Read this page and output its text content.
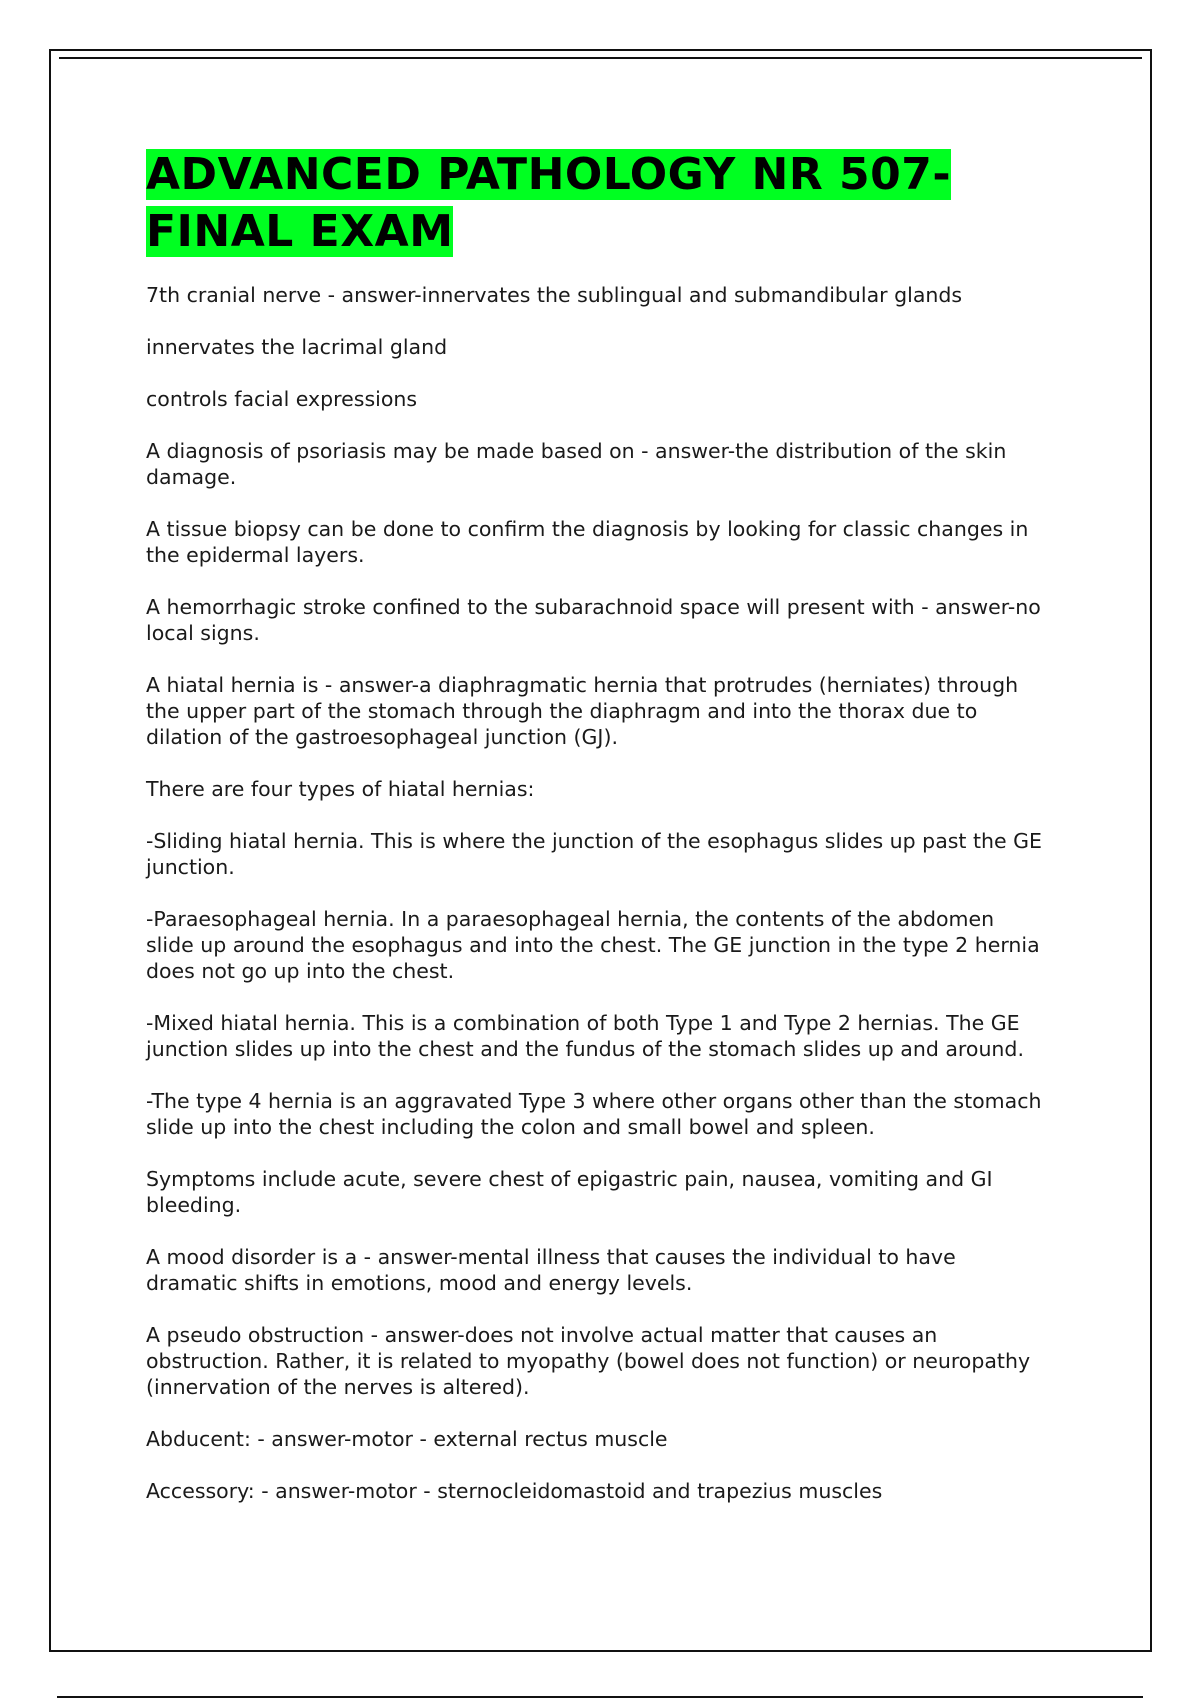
ADVANCED PATHOLOGY NR 507- FINAL EXAM

7th cranial nerve - answer-innervates the sublingual and submandibular glands

innervates the lacrimal gland

controls facial expressions

A diagnosis of psoriasis may be made based on - answer-the distribution of the skin damage.

A tissue biopsy can be done to confirm the diagnosis by looking for classic changes in the epidermal layers.

A hemorrhagic stroke confined to the subarachnoid space will present with - answer-no local signs.

A hiatal hernia is - answer-a diaphragmatic hernia that protrudes (herniates) through the upper part of the stomach through the diaphragm and into the thorax due to dilation of the gastroesophageal junction (GJ).

There are four types of hiatal hernias:

-Sliding hiatal hernia. This is where the junction of the esophagus slides up past the GE junction.

-Paraesophageal hernia. In a paraesophageal hernia, the contents of the abdomen slide up around the esophagus and into the chest. The GE junction in the type 2 hernia does not go up into the chest.

-Mixed hiatal hernia. This is a combination of both Type 1 and Type 2 hernias. The GE junction slides up into the chest and the fundus of the stomach slides up and around.

-The type 4 hernia is an aggravated Type 3 where other organs other than the stomach slide up into the chest including the colon and small bowel and spleen.

Symptoms include acute, severe chest of epigastric pain, nausea, vomiting and GI bleeding.

A mood disorder is a - answer-mental illness that causes the individual to have dramatic shifts in emotions, mood and energy levels.

A pseudo obstruction - answer-does not involve actual matter that causes an obstruction. Rather, it is related to myopathy (bowel does not function) or neuropathy (innervation of the nerves is altered).

Abducent: - answer-motor - external rectus muscle

Accessory: - answer-motor - sternocleidomastoid and trapezius muscles
